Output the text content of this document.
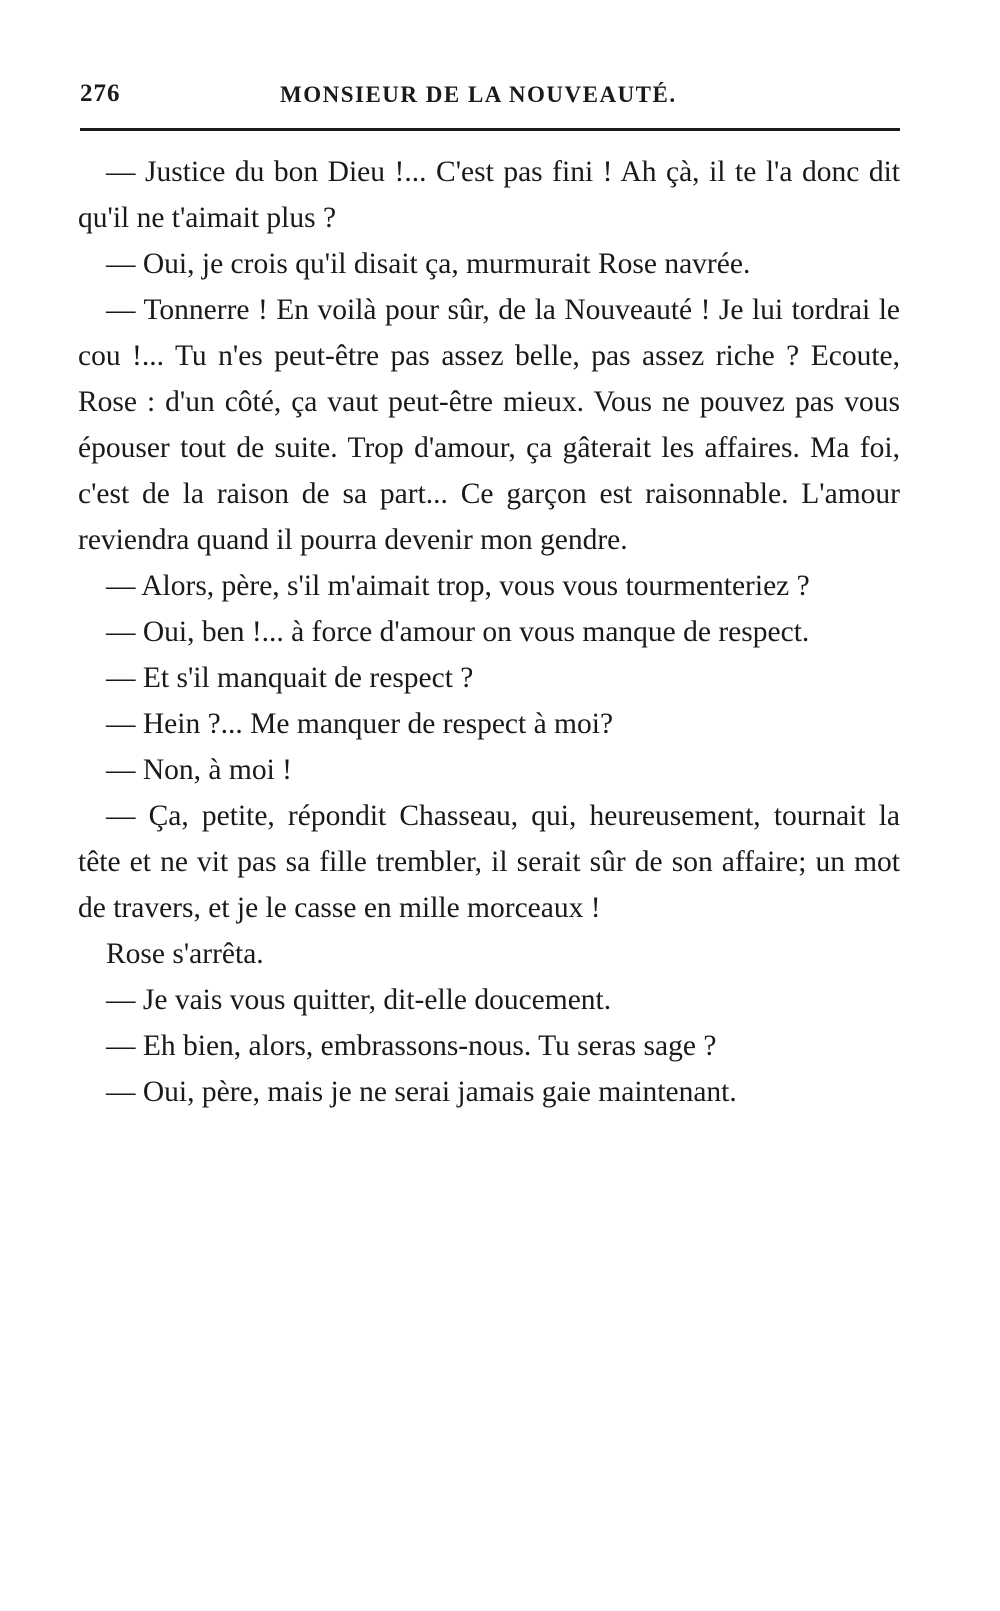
276	MONSIEUR DE LA NOUVEAUTÉ.

— Justice du bon Dieu !... C'est pas fini ! Ah çà, il te l'a donc dit qu'il ne t'aimait plus ?

— Oui, je crois qu'il disait ça, murmurait Rose navrée.

— Tonnerre ! En voilà pour sûr, de la Nouveauté ! Je lui tordrai le cou !... Tu n'es peut-être pas assez belle, pas assez riche ? Ecoute, Rose : d'un côté, ça vaut peut-être mieux. Vous ne pouvez pas vous épouser tout de suite. Trop d'amour, ça gâterait les affaires. Ma foi, c'est de la raison de sa part... Ce garçon est raisonnable. L'amour reviendra quand il pourra devenir mon gendre.

— Alors, père, s'il m'aimait trop, vous vous tourmenteriez ?

— Oui, ben !... à force d'amour on vous manque de respect.

— Et s'il manquait de respect ?

— Hein ?... Me manquer de respect à moi?

— Non, à moi !

— Ça, petite, répondit Chasseau, qui, heureusement, tournait la tête et ne vit pas sa fille trembler, il serait sûr de son affaire; un mot de travers, et je le casse en mille morceaux !

Rose s'arrêta.

— Je vais vous quitter, dit-elle doucement.

— Eh bien, alors, embrassons-nous. Tu seras sage ?

— Oui, père, mais je ne serai jamais gaie maintenant.
